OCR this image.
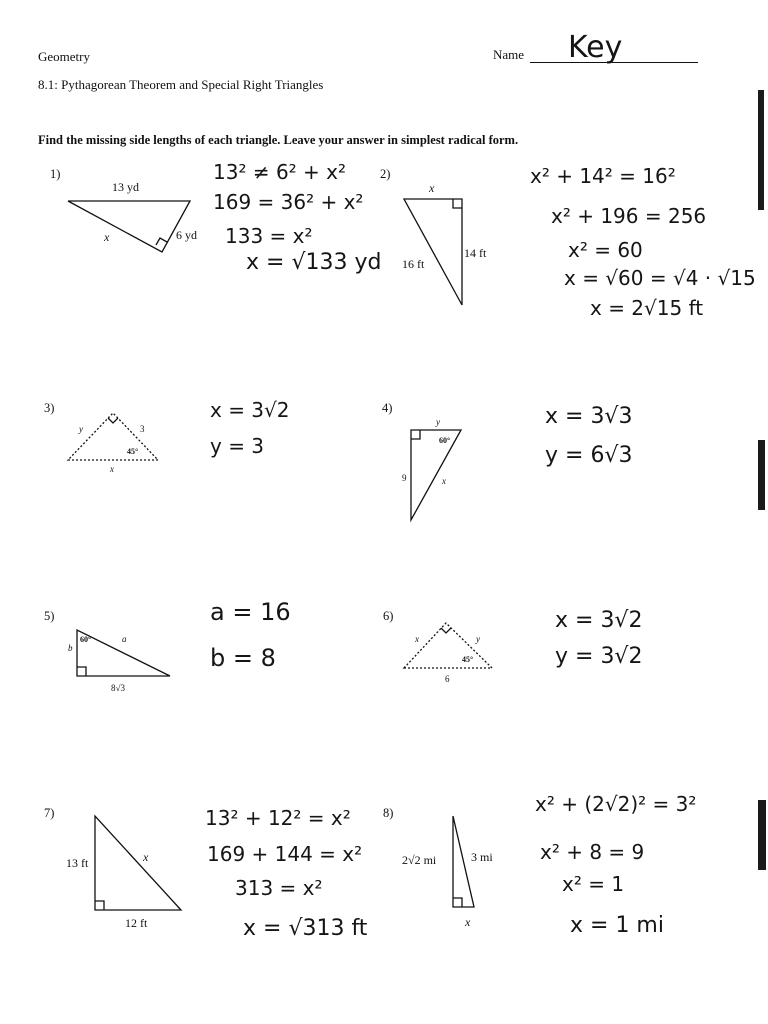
Geometry
8.1: Pythagorean Theorem and Special Right Triangles
Name Key
Find the missing side lengths of each triangle. Leave your answer in simplest radical form.
1)	2)
3)	4)
5)	6)
7)	8)
13 yd
x	6 yd
x
16 ft
14 ft
y	3
45°
x
y
60°
9	x
60°	a
b
8√3
x	y
45°
6
13 ft	x
12 ft
2√2 mi	3 mi
x
13² ≠ 6² + x²
169 = 36² + x²
133 = x²
x = √133 yd
x² + 14² = 16²
x² + 196 = 256
x² = 60
x = √60 = √4 · √15
x = 2√15 ft
x = 3√2
y = 3
x = 3√3
y = 6√3
a = 16
b = 8
x = 3√2
y = 3√2
13² + 12² = x²
169 + 144 = x²
313 = x²
x = √313 ft
x² + (2√2)² = 3²
x² + 8 = 9
x² = 1
x = 1 mi
